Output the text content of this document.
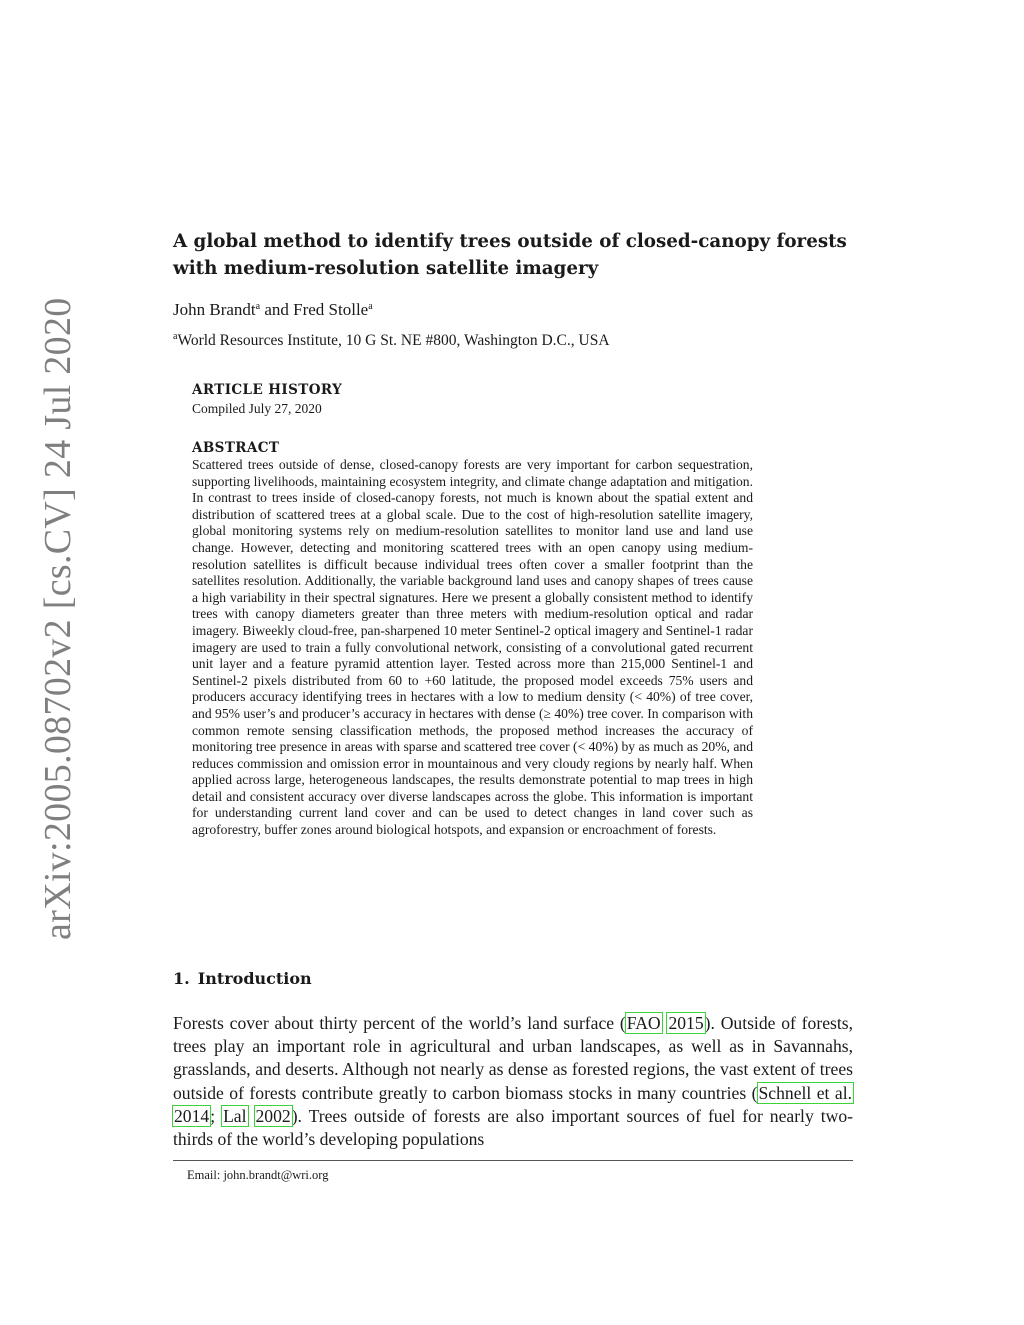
arXiv:2005.08702v2 [cs.CV] 24 Jul 2020
A global method to identify trees outside of closed-canopy forests with medium-resolution satellite imagery
John Brandt$^a$ and Fred Stolle$^a$
$^a$World Resources Institute, 10 G St. NE #800, Washington D.C., USA

ARTICLE HISTORY

Compiled July 27, 2020

ABSTRACT

Scattered trees outside of dense, closed-canopy forests are very important for carbon sequestration, supporting livelihoods, maintaining ecosystem integrity, and climate change adaptation and mitigation. In contrast to trees inside of closed-canopy forests, not much is known about the spatial extent and distribution of scattered trees at a global scale. Due to the cost of high-resolution satellite imagery, global monitoring systems rely on medium-resolution satellites to monitor land use and land use change. However, detecting and monitoring scattered trees with an open canopy using medium-resolution satellites is difficult because individual trees often cover a smaller footprint than the satellites resolution. Additionally, the variable background land uses and canopy shapes of trees cause a high variability in their spectral signatures. Here we present a globally consistent method to identify trees with canopy diameters greater than three meters with medium-resolution optical and radar imagery. Biweekly cloud-free, pan-sharpened 10 meter Sentinel-2 optical imagery and Sentinel-1 radar imagery are used to train a fully convolutional network, consisting of a convolutional gated recurrent unit layer and a feature pyramid attention layer. Tested across more than 215,000 Sentinel-1 and Sentinel-2 pixels distributed from 60 to +60 latitude, the proposed model exceeds 75% users and producers accuracy identifying trees in hectares with a low to medium density (< 40%) of tree cover, and 95% user’s and producer’s accuracy in hectares with dense (≥ 40%) tree cover. In comparison with common remote sensing classification methods, the proposed method increases the accuracy of monitoring tree presence in areas with sparse and scattered tree cover (< 40%) by as much as 20%, and reduces commission and omission error in mountainous and very cloudy regions by nearly half. When applied across large, heterogeneous landscapes, the results demonstrate potential to map trees in high detail and consistent accuracy over diverse landscapes across the globe. This information is important for understanding current land cover and can be used to detect changes in land cover such as agroforestry, buffer zones around biological hotspots, and expansion or encroachment of forests.

1. Introduction

Forests cover about thirty percent of the world’s land surface (FAO 2015). Outside of forests, trees play an important role in agricultural and urban landscapes, as well as in Savannahs, grasslands, and deserts. Although not nearly as dense as forested regions, the vast extent of trees outside of forests contribute greatly to carbon biomass stocks in many countries (Schnell et al. 2014; Lal 2002). Trees outside of forests are also important sources of fuel for nearly two-thirds of the world’s developing populations

Email: john.brandt@wri.org
